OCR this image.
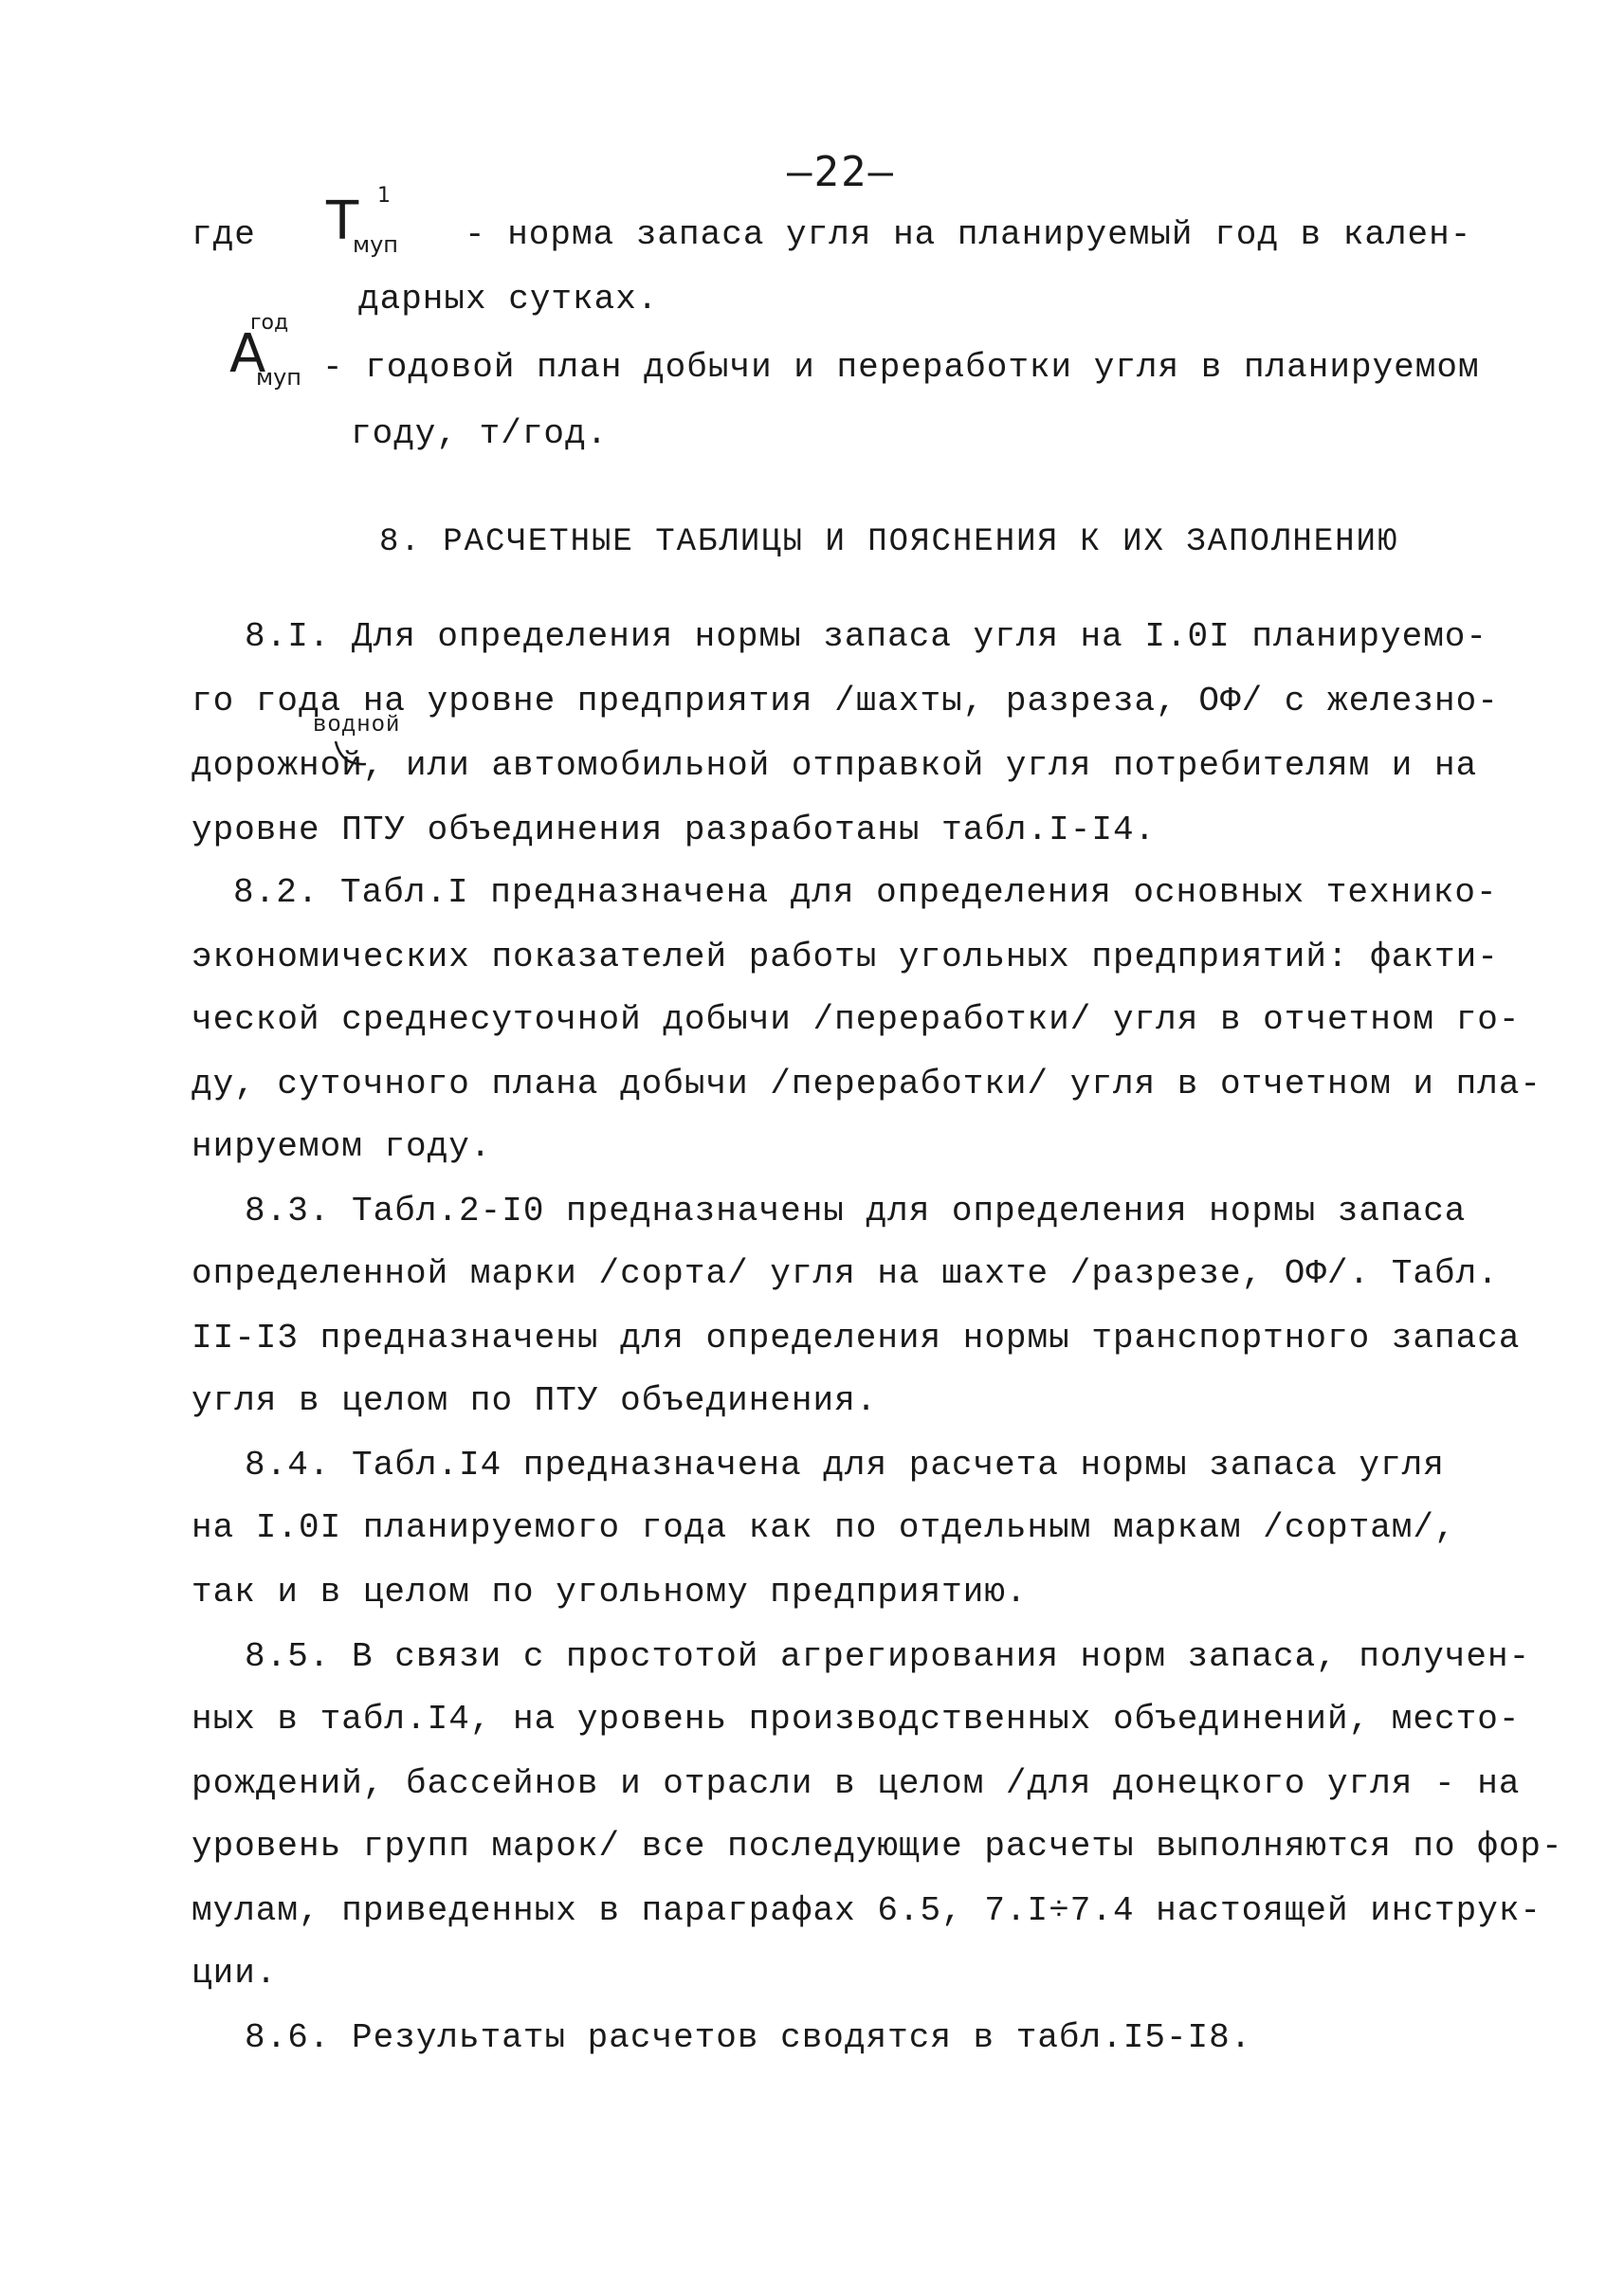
—22—
где T 1
муп - норма запаса угля на планируемый год в кален-
дарных сутках.
A
год
муп - годовой план добычи и переработки угля в планируемом
году, т/год.
8. РАСЧЕТНЫЕ ТАБЛИЦЫ И ПОЯСНЕНИЯ К ИХ ЗАПОЛНЕНИЮ
8.I. Для определения нормы запаса угля на I.0I планируемо-
го года на уровне предприятия /шахты, разреза, ОФ/ с железно-
водной
дорожной, или автомобильной отправкой угля потребителям и на
уровне ПТУ объединения разработаны табл.I-I4.
8.2. Табл.I предназначена для определения основных технико-
экономических показателей работы угольных предприятий: факти-
ческой среднесуточной добычи /переработки/ угля в отчетном го-
ду, суточного плана добычи /переработки/ угля в отчетном и пла-
нируемом году.
8.3. Табл.2-I0 предназначены для определения нормы запаса
определенной марки /сорта/ угля на шахте /разрезе, ОФ/. Табл.
II-I3 предназначены для определения нормы транспортного запаса
угля в целом по ПТУ объединения.
8.4. Табл.I4 предназначена для расчета нормы запаса угля
на I.0I планируемого года как по отдельным маркам /сортам/,
так и в целом по угольному предприятию.
8.5. В связи с простотой агрегирования норм запаса, получен-
ных в табл.I4, на уровень производственных объединений, место-
рождений, бассейнов и отрасли в целом /для донецкого угля - на
уровень групп марок/ все последующие расчеты выполняются по фор-
мулам, приведенных в параграфах 6.5, 7.I÷7.4 настоящей инструк-
ции.
8.6. Результаты расчетов сводятся в табл.I5-I8.
